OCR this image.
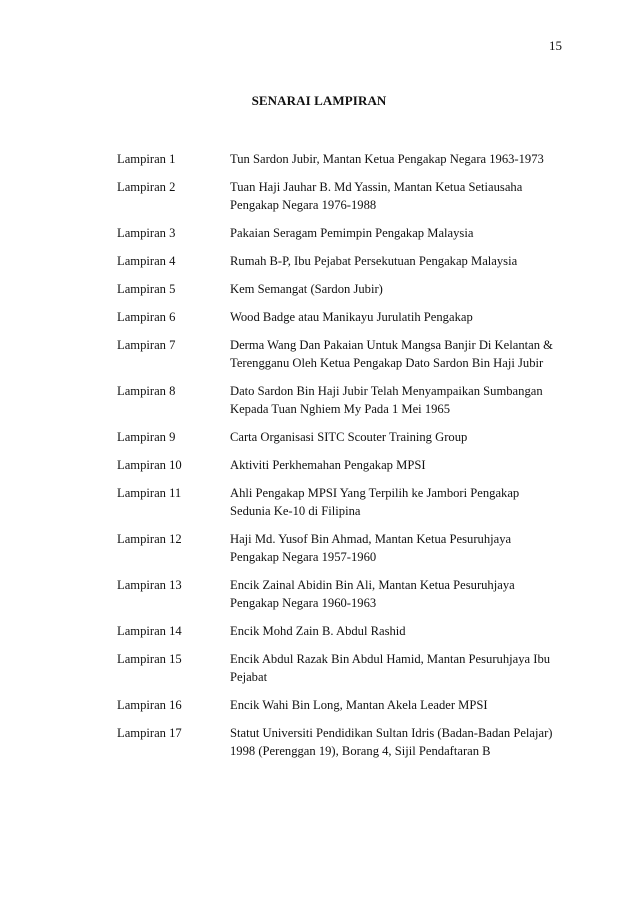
15
SENARAI LAMPIRAN
Lampiran 1	Tun Sardon Jubir, Mantan Ketua Pengakap Negara 1963-1973
Lampiran 2	Tuan Haji Jauhar B. Md Yassin, Mantan Ketua Setiausaha
Pengakap Negara 1976-1988
Lampiran 3	Pakaian Seragam Pemimpin Pengakap Malaysia
Lampiran 4	Rumah B-P, Ibu Pejabat Persekutuan Pengakap Malaysia
Lampiran 5	Kem Semangat (Sardon Jubir)
Lampiran 6	Wood Badge atau Manikayu Jurulatih Pengakap
Lampiran 7	Derma Wang Dan Pakaian Untuk Mangsa Banjir Di Kelantan &
Terengganu Oleh Ketua Pengakap Dato Sardon Bin Haji Jubir
Lampiran 8	Dato Sardon Bin Haji Jubir Telah Menyampaikan Sumbangan
Kepada Tuan Nghiem My Pada 1 Mei 1965
Lampiran 9	Carta Organisasi SITC Scouter Training Group
Lampiran 10	Aktiviti Perkhemahan Pengakap MPSI
Lampiran 11	Ahli Pengakap MPSI Yang Terpilih ke Jambori Pengakap
Sedunia Ke-10 di Filipina
Lampiran 12	Haji Md. Yusof Bin Ahmad, Mantan Ketua Pesuruhjaya
Pengakap Negara 1957-1960
Lampiran 13	Encik Zainal Abidin Bin Ali, Mantan Ketua Pesuruhjaya
Pengakap Negara 1960-1963
Lampiran 14	Encik Mohd Zain B. Abdul Rashid
Lampiran 15	Encik Abdul Razak Bin Abdul Hamid, Mantan Pesuruhjaya Ibu
Pejabat
Lampiran 16	Encik Wahi Bin Long, Mantan Akela Leader MPSI
Lampiran 17	Statut Universiti Pendidikan Sultan Idris (Badan-Badan Pelajar)
1998 (Perenggan 19), Borang 4, Sijil Pendaftaran B
